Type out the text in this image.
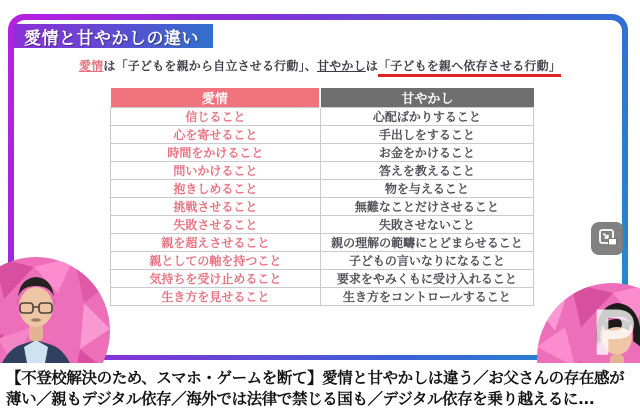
愛情と甘やかしの違い
愛情は「子どもを親から自立させる行動」、甘やかしは「子どもを親へ依存させる行動」
愛情	甘やかし
信じること	心配ばかりすること
心を寄せること	手出しをすること
時間をかけること	お金をかけること
問いかけること	答えを教えること
抱きしめること	物を与えること
挑戦させること	無難なことだけさせること
失敗させること	失敗させないこと
親を超えさせること	親の理解の範疇にとどまらせること
親としての軸を持つこと	子どもの言いなりになること
気持ちを受け止めること	要求をやみくもに受け入れること
生き方を見せること	生き方をコントロールすること P
【不登校解決のため、スマホ・ゲームを断て】愛情と甘やかしは違う／お父さんの存在感が薄い／親もデジタル依存／海外では法律で禁じる国も／デジタル依存を乗り越えるに...
